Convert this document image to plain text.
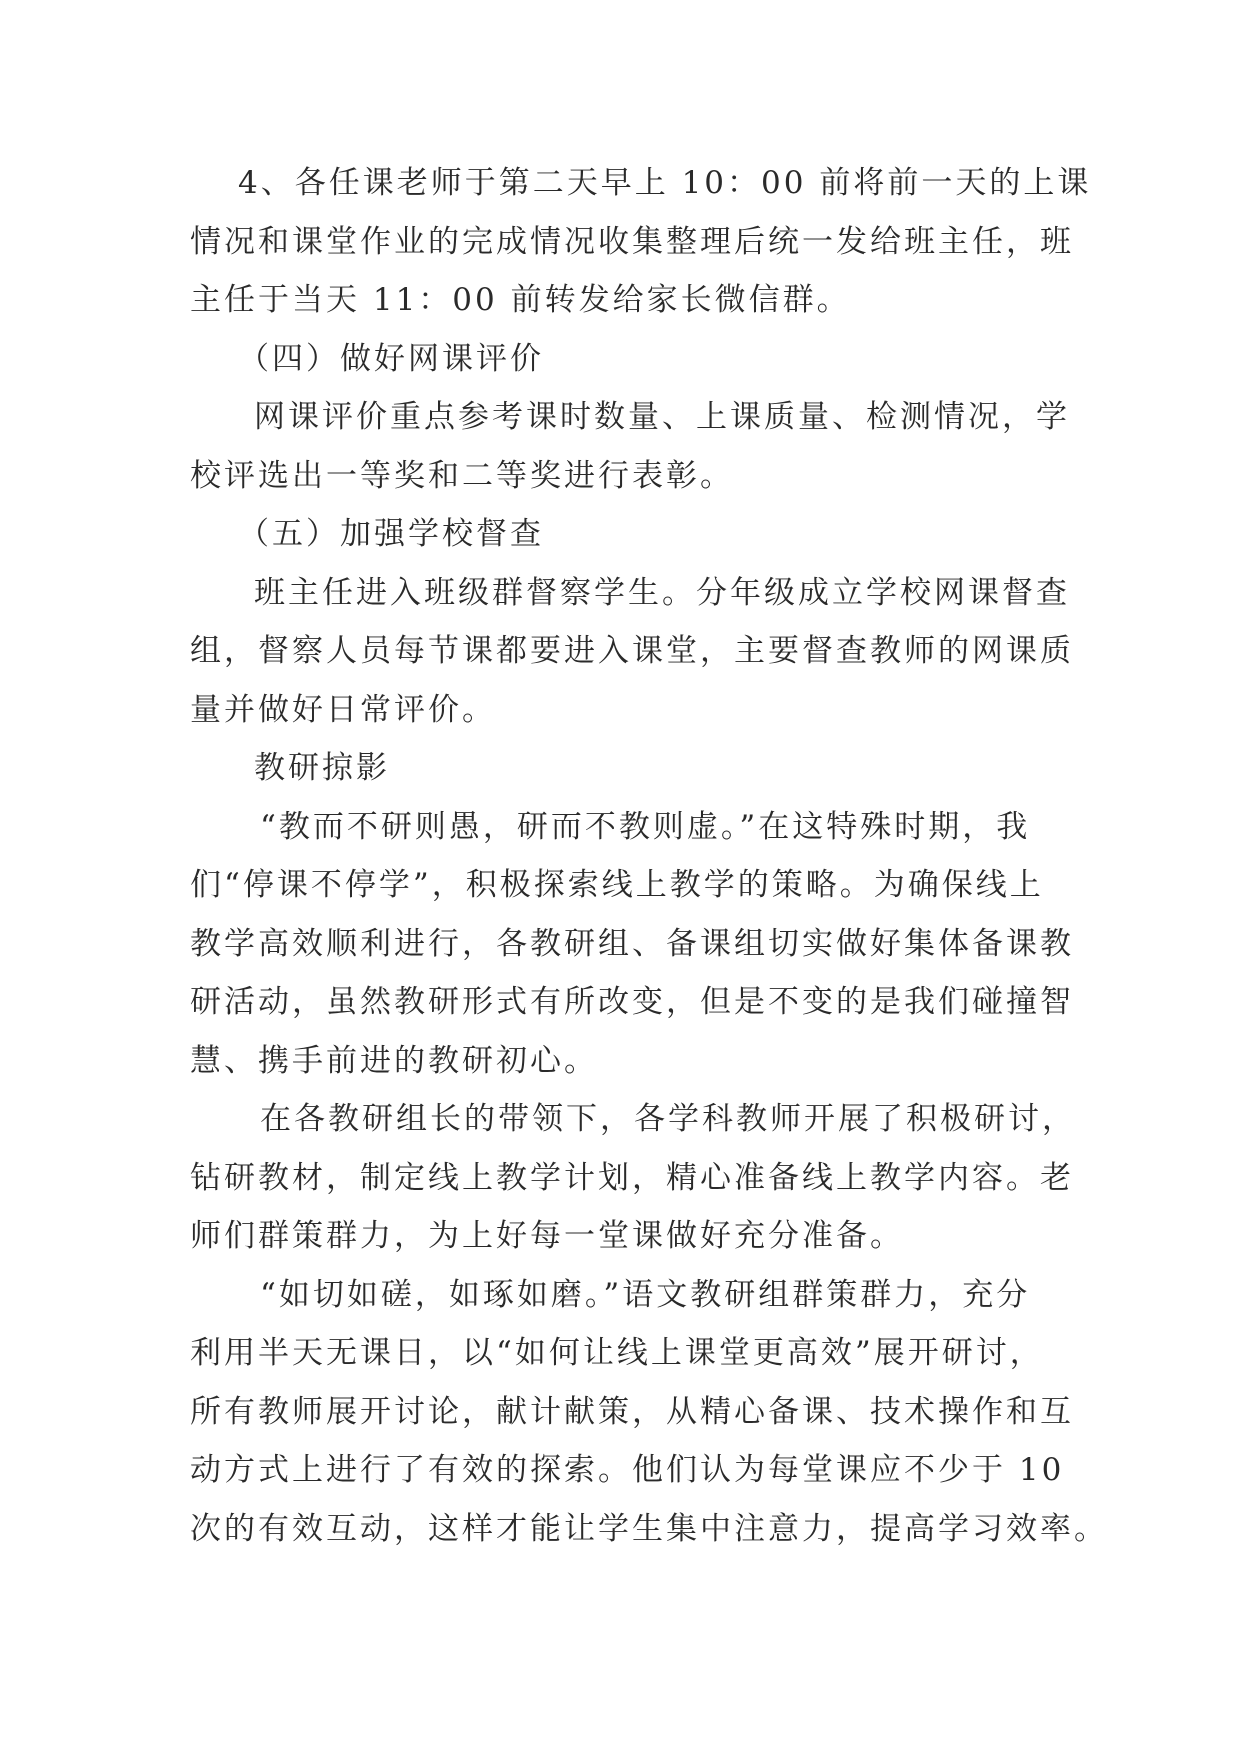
4、各任课老师于第二天早上 10：00 前将前一天的上课
情况和课堂作业的完成情况收集整理后统一发给班主任，班
主任于当天 11：00 前转发给家长微信群。
（四）做好网课评价
网课评价重点参考课时数量、上课质量、检测情况，学
校评选出一等奖和二等奖进行表彰。
（五）加强学校督查
班主任进入班级群督察学生。分年级成立学校网课督查
组，督察人员每节课都要进入课堂，主要督查教师的网课质
量并做好日常评价。
教研掠影
“教而不研则愚，研而不教则虚。”在这特殊时期，我
们“停课不停学”，积极探索线上教学的策略。为确保线上
教学高效顺利进行，各教研组、备课组切实做好集体备课教
研活动，虽然教研形式有所改变，但是不变的是我们碰撞智
慧、携手前进的教研初心。
在各教研组长的带领下，各学科教师开展了积极研讨，
钻研教材，制定线上教学计划，精心准备线上教学内容。老
师们群策群力，为上好每一堂课做好充分准备。
“如切如磋，如琢如磨。”语文教研组群策群力，充分
利用半天无课日，以“如何让线上课堂更高效”展开研讨，
所有教师展开讨论，献计献策，从精心备课、技术操作和互
动方式上进行了有效的探索。他们认为每堂课应不少于 10
次的有效互动，这样才能让学生集中注意力，提高学习效率。
